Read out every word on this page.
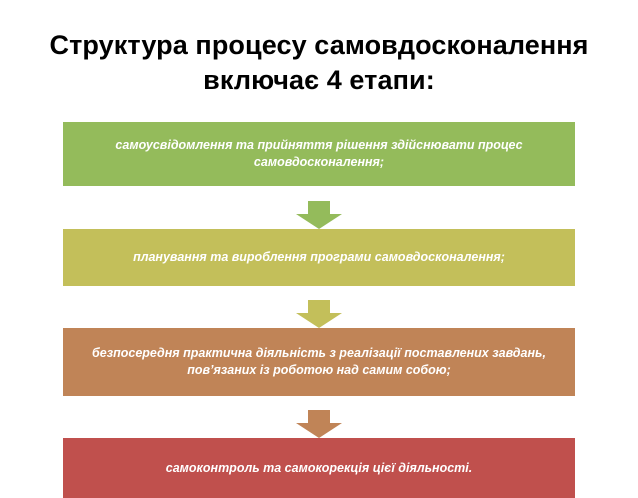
Структура процесу самовдосконалення включає 4 етапи:
самоусвідомлення та прийняття рішення здійснювати процес самовдосконалення;
планування та вироблення програми самовдосконалення;
безпосередня практична діяльність з реалізації поставлених завдань, пов’язаних із роботою над самим собою;
самоконтроль та самокорекція цієї діяльності.
